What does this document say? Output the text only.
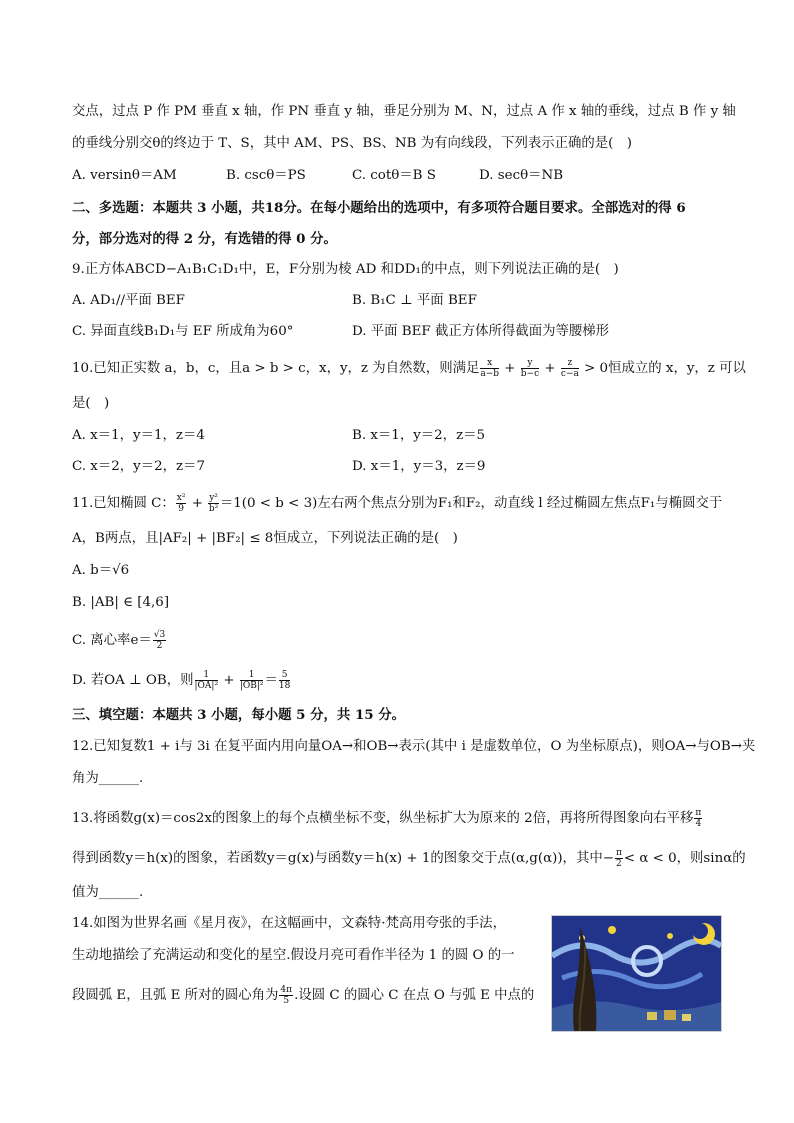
交点，过点 P 作 PM 垂直 x 轴，作 PN 垂直 y 轴，垂足分别为 M、N，过点 A 作 x 轴的垂线，过点 B 作 y 轴
的垂线分别交θ的终边于 T、S，其中 AM、PS、BS、NB 为有向线段，下列表示正确的是(　)
A. versinθ＝AM	B. cscθ＝PS	C. cotθ＝B S	D. secθ＝NB
二、多选题：本题共 3 小题，共18分。在每小题给出的选项中，有多项符合题目要求。全部选对的得 6
分，部分选对的得 2 分，有选错的得 0 分。
9.正方体ABCD−A₁B₁C₁D₁中，E，F分别为棱 AD 和DD₁的中点，则下列说法正确的是(　)
A. AD₁//平面 BEF	B. B₁C ⊥ 平面 BEF
C. 异面直线B₁D₁与 EF 所成角为60°	D. 平面 BEF 截正方体所得截面为等腰梯形
10.已知正实数 a，b，c，且a > b > c，x，y，z 为自然数，则满足 $\frac{x}{a-b} + \frac{y}{b-c} + \frac{z}{c-a} > 0$恒成立的 x，y，z 可以
是(　)
A. x＝1，y＝1，z＝4	B. x＝1，y＝2，z＝5
C. x＝2，y＝2，z＝7	D. x＝1，y＝3，z＝9
11.已知椭圆 C： $\frac{\text{x²}}{9} + \frac{\text{y²}}{\text{b²}} =1(0 < b < 3)$左右两个焦点分别为F₁和F₂，动直线 l 经过椭圆左焦点F₁与椭圆交于
A，B两点，且|AF₂| + |BF₂| ≤ 8恒成立，下列说法正确的是(　)
A. b＝√6
B. |AB| ∈ [4,6]
C. 离心率$e= \frac{√3}{2}$
D. 若OA ⊥ OB，则 $\frac{1}{\text{|OA|²}} + \frac{1}{\text{|OB|²}} = \frac{5}{18}$
三、填空题：本题共 3 小题，每小题 5 分，共 15 分。
12.已知复数1 + i与 3i 在复平面内用向量OA→和OB→表示(其中 i 是虚数单位，O 为坐标原点)，则OA→与OB→夹
角为______.
13.将函数g(x)＝cos2x的图象上的每个点横坐标不变，纵坐标扩大为原来的 2倍，再将所得图象向右平移 $\frac{\pi}{4}$
得到函数y＝h(x)的图象，若函数y＝g(x)与函数y＝h(x) + 1的图象交于点(α,g(α))，其中− $\frac{\pi}{2} < \alpha < 0$，则sinα的
值为______.
14.如图为世界名画《星月夜》，在这幅画中，文森特·梵高用夸张的手法，
生动地描绘了充满运动和变化的星空.假设月亮可看作半径为 1 的圆 O 的一
段圆弧 E，且弧 E 所对的圆心角为 $\frac{4\pi}{5}$ .设圆 C 的圆心 C 在点 O 与弧 E 中点的
